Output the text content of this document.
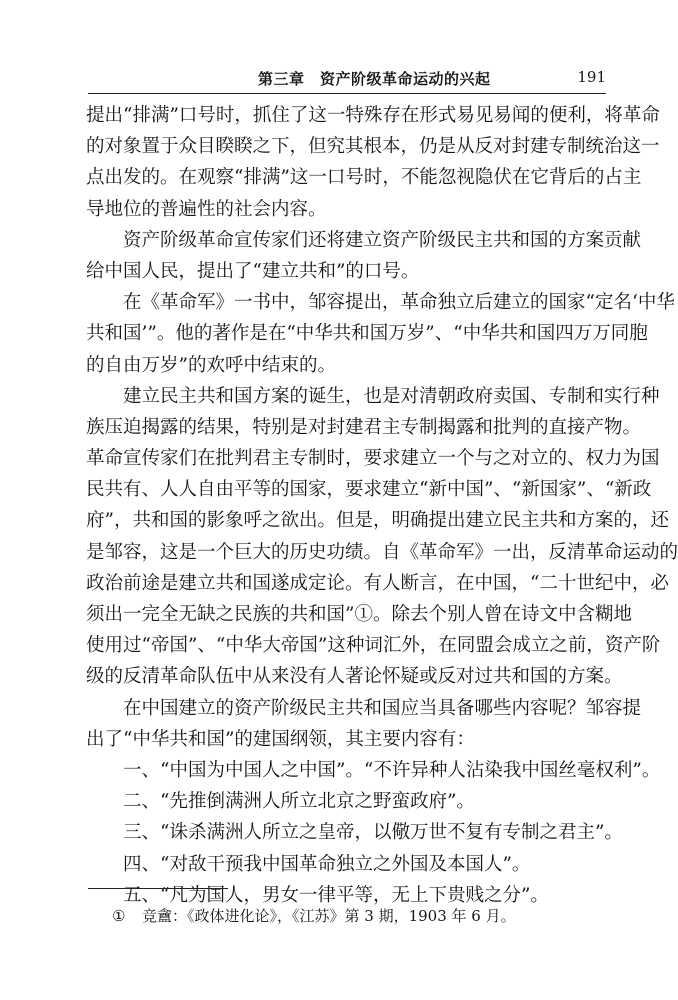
第三章　资产阶级革命运动的兴起	191
提出“排满”口号时，抓住了这一特殊存在形式易见易闻的便利，将革命
的对象置于众目睽睽之下，但究其根本，仍是从反对封建专制统治这一
点出发的。在观察“排满”这一口号时，不能忽视隐伏在它背后的占主
导地位的普遍性的社会内容。
资产阶级革命宣传家们还将建立资产阶级民主共和国的方案贡献
给中国人民，提出了“建立共和”的口号。
在《革命军》一书中，邹容提出，革命独立后建立的国家“定名‘中华
共和国’”。他的著作是在“中华共和国万岁”、“中华共和国四万万同胞
的自由万岁”的欢呼中结束的。
建立民主共和国方案的诞生，也是对清朝政府卖国、专制和实行种
族压迫揭露的结果，特别是对封建君主专制揭露和批判的直接产物。
革命宣传家们在批判君主专制时，要求建立一个与之对立的、权力为国
民共有、人人自由平等的国家，要求建立“新中国”、“新国家”、“新政
府”，共和国的影象呼之欲出。但是，明确提出建立民主共和方案的，还
是邹容，这是一个巨大的历史功绩。自《革命军》一出，反清革命运动的
政治前途是建立共和国遂成定论。有人断言，在中国，“二十世纪中，必
须出一完全无缺之民族的共和国”①。除去个别人曾在诗文中含糊地
使用过“帝国”、“中华大帝国”这种词汇外，在同盟会成立之前，资产阶
级的反清革命队伍中从来没有人著论怀疑或反对过共和国的方案。
在中国建立的资产阶级民主共和国应当具备哪些内容呢？邹容提
出了“中华共和国”的建国纲领，其主要内容有：
一、“中国为中国人之中国”。“不许异种人沾染我中国丝毫权利”。
二、“先推倒满洲人所立北京之野蛮政府”。
三、“诛杀满洲人所立之皇帝，以儆万世不复有专制之君主”。
四、“对敌干预我中国革命独立之外国及本国人”。
五、“凡为国人，男女一律平等，无上下贵贱之分”。
① 竞盦：《政体进化论》，《江苏》第 3 期，1903 年 6 月。
